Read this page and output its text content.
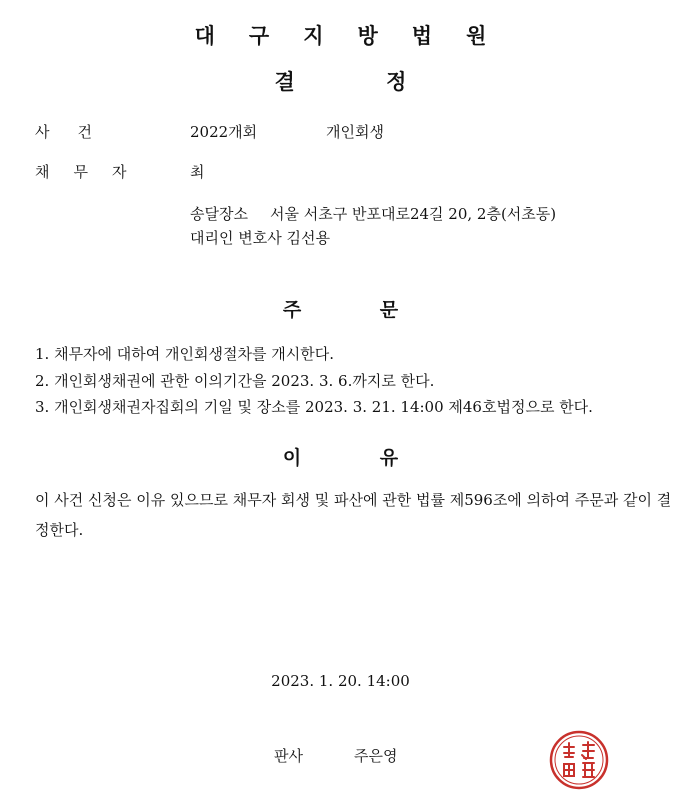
대구지방법원
결 정
사건	2022개회	개인회생
채무자	최
송달장소 서울 서초구 반포대로24길 20, 2층(서초동)
대리인 변호사 김선용
주 문
1. 채무자에 대하여 개인회생절차를 개시한다.
2. 개인회생채권에 관한 이의기간을 2023. 3. 6.까지로 한다.
3. 개인회생채권자집회의 기일 및 장소를 2023. 3. 21. 14:00 제46호법정으로 한다.
이 유
이 사건 신청은 이유 있으므로 채무자 회생 및 파산에 관한 법률 제596조에 의하여 주문과 같이 결정한다.
2023. 1. 20. 14:00
판사	주은영
